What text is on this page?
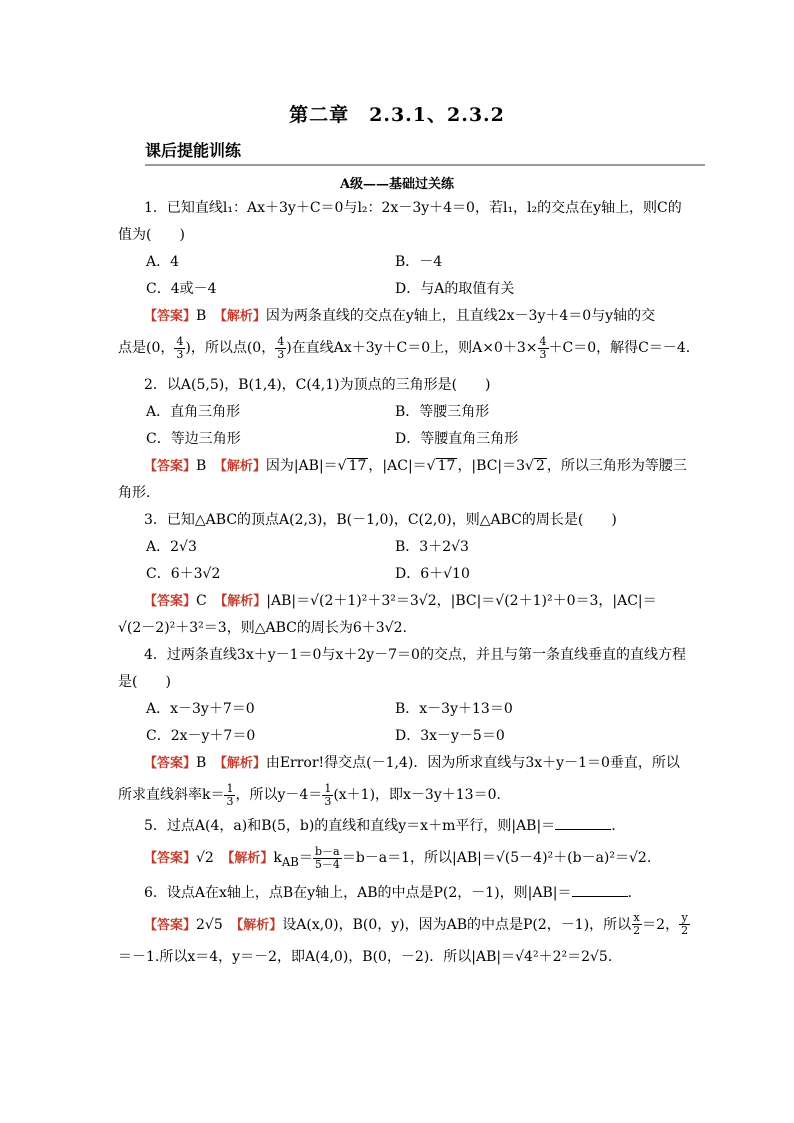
第二章　2.3.1、2.3.2
课后提能训练
A级——基础过关练
1．已知直线l₁：Ax＋3y＋C＝0与l₂：2x－3y＋4＝0，若l₁，l₂的交点在y轴上，则C的
值为(　　)
A．4	B．－4
C．4或－4	D．与A的取值有关
【答案】B　 【解析】因为两条直线的交点在y轴上，且直线2x－3y＋4＝0与y轴的交
点是(0， $\frac{4}{3}$ )，所以点(0， $\frac{4}{3}$ )在直线Ax＋3y＋C＝0上，则$A\times 0+3\times \frac{4}{3} +C=0$，解得C＝－4.
2．以A(5,5)，B(1,4)，C(4,1)为顶点的三角形是(　　)
A．直角三角形	B．等腰三角形
C．等边三角形	D．等腰直角三角形
【答案】B　 【解析】因为|AB|＝√ 17 ，|AC|＝√ 17 ，|BC|＝3√ 2 ，所以三角形为等腰三
角形.
3．已知△ABC的顶点A(2,3)，B(－1,0)，C(2,0)，则△ABC的周长是(　　)
A．2√3	B．3＋2√3
C．6＋3√2	D．6＋√10
【答案】C　 【解析】|AB|＝√(2＋1)²＋3²＝3√2，|BC|＝√(2＋1)²＋0＝3，|AC|＝
√(2－2)²＋3²＝3，则△ABC的周长为6＋3√2.
4．过两条直线3x＋y－1＝0与x＋2y－7＝0的交点，并且与第一条直线垂直的直线方程
是(　　)
A．x－3y＋7＝0	B．x－3y＋13＝0
C．2x－y＋7＝0	D．3x－y－5＝0
【答案】B　 【解析】由Error!得交点(－1,4)．因为所求直线与3x＋y－1＝0垂直，所以
所求直线斜率$k= \frac{1}{3}$ ，所以$y-4= \frac{1}{3} (x+1)$，即x－3y＋13＝0.
5．过点A(4，a)和B(5，b)的直线和直线y＝x＋m平行，则|AB|＝	.
【答案】√2　 【解析】$k_{AB}= \frac{b-a}{5-4} =b-a=1$，所以|AB|＝√(5－4)²＋(b－a)²＝√2.
6．设点A在x轴上，点B在y轴上，AB的中点是P(2，－1)，则|AB|＝	.
【答案】2√5　 【解析】设A(x,0)，B(0，y)，因为AB的中点是P(2，－1)，所以 $\frac{x}{2} =2$， $\frac{y}{2}$
＝－1.所以x＝4，y＝－2，即A(4,0)，B(0，－2)．所以|AB|＝√4²＋2²＝2√5.
